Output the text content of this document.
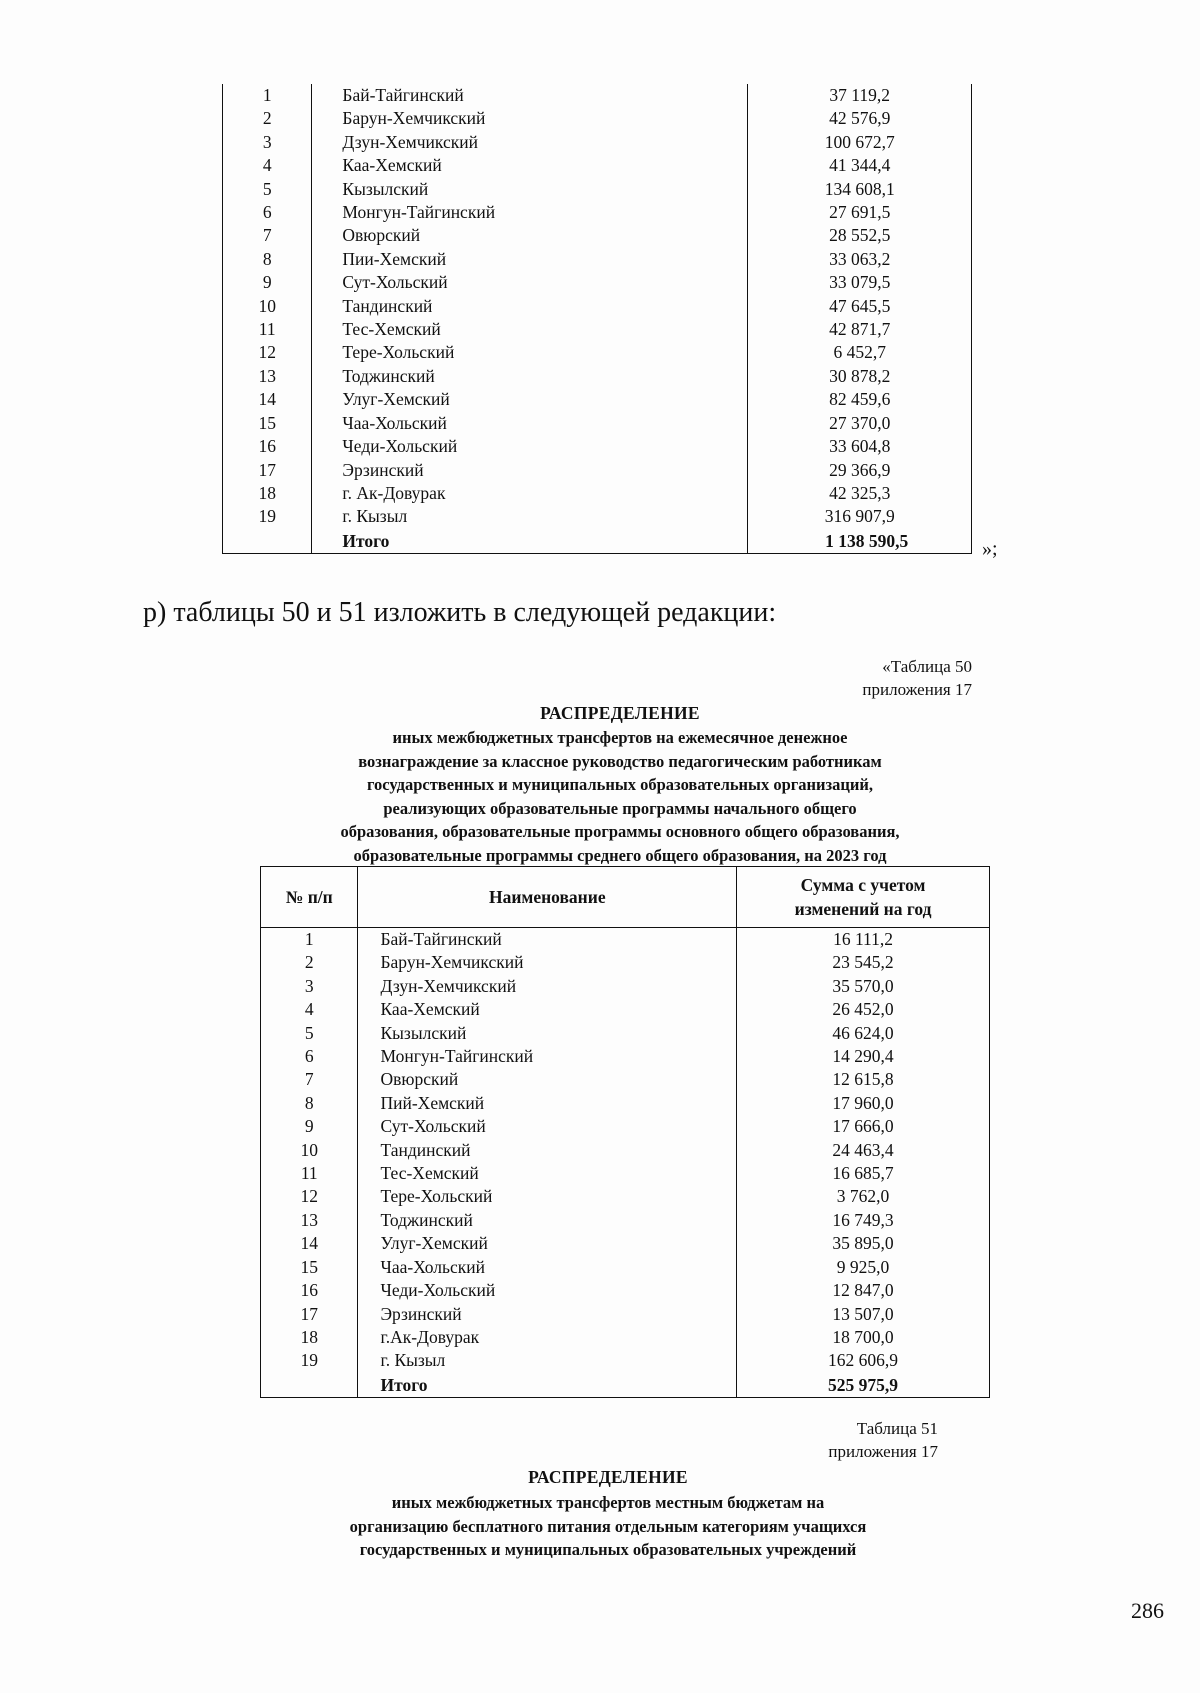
1	Бай-Тайгинский	37 119,2
2	Барун-Хемчикский	42 576,9
3	Дзун-Хемчикский	100 672,7
4	Каа-Хемский	41 344,4
5	Кызылский	134 608,1
6	Монгун-Тайгинский	27 691,5
7	Овюрский	28 552,5
8	Пии-Хемский	33 063,2
9	Сут-Хольский	33 079,5
10	Тандинский	47 645,5
11	Тес-Хемский	42 871,7
12	Тере-Хольский	6 452,7
13	Тоджинский	30 878,2
14	Улуг-Хемский	82 459,6
15	Чаа-Хольский	27 370,0
16	Чеди-Хольский	33 604,8
17	Эрзинский	29 366,9
18	г. Ак-Довурак	42 325,3
19	г. Кызыл	316 907,9
	Итого	1 138 590,5	»;
р) таблицы 50 и 51 изложить в следующей редакции:
«Таблица 50
приложения 17
РАСПРЕДЕЛЕНИЕ
иных межбюджетных трансфертов на ежемесячное денежное
вознаграждение за классное руководство педагогическим работникам
государственных и муниципальных образовательных организаций,
реализующих образовательные программы начального общего
образования, образовательные программы основного общего образования,
образовательные программы среднего общего образования, на 2023 год
№ п/п	Наименование	Сумма с учетом
изменений на год

1	Бай-Тайгинский	16 111,2
2	Барун-Хемчикский	23 545,2
3	Дзун-Хемчикский	35 570,0
4	Каа-Хемский	26 452,0
5	Кызылский	46 624,0
6	Монгун-Тайгинский	14 290,4
7	Овюрский	12 615,8
8	Пий-Хемский	17 960,0
9	Сут-Хольский	17 666,0
10	Тандинский	24 463,4
11	Тес-Хемский	16 685,7
12	Тере-Хольский	3 762,0
13	Тоджинский	16 749,3
14	Улуг-Хемский	35 895,0
15	Чаа-Хольский	9 925,0
16	Чеди-Хольский	12 847,0
17	Эрзинский	13 507,0
18	г.Ак-Довурак	18 700,0
19	г. Кызыл	162 606,9
	Итого	525 975,9
Таблица 51
приложения 17
РАСПРЕДЕЛЕНИЕ
иных межбюджетных трансфертов местным бюджетам на
организацию бесплатного питания отдельным категориям учащихся
государственных и муниципальных образовательных учреждений
286
